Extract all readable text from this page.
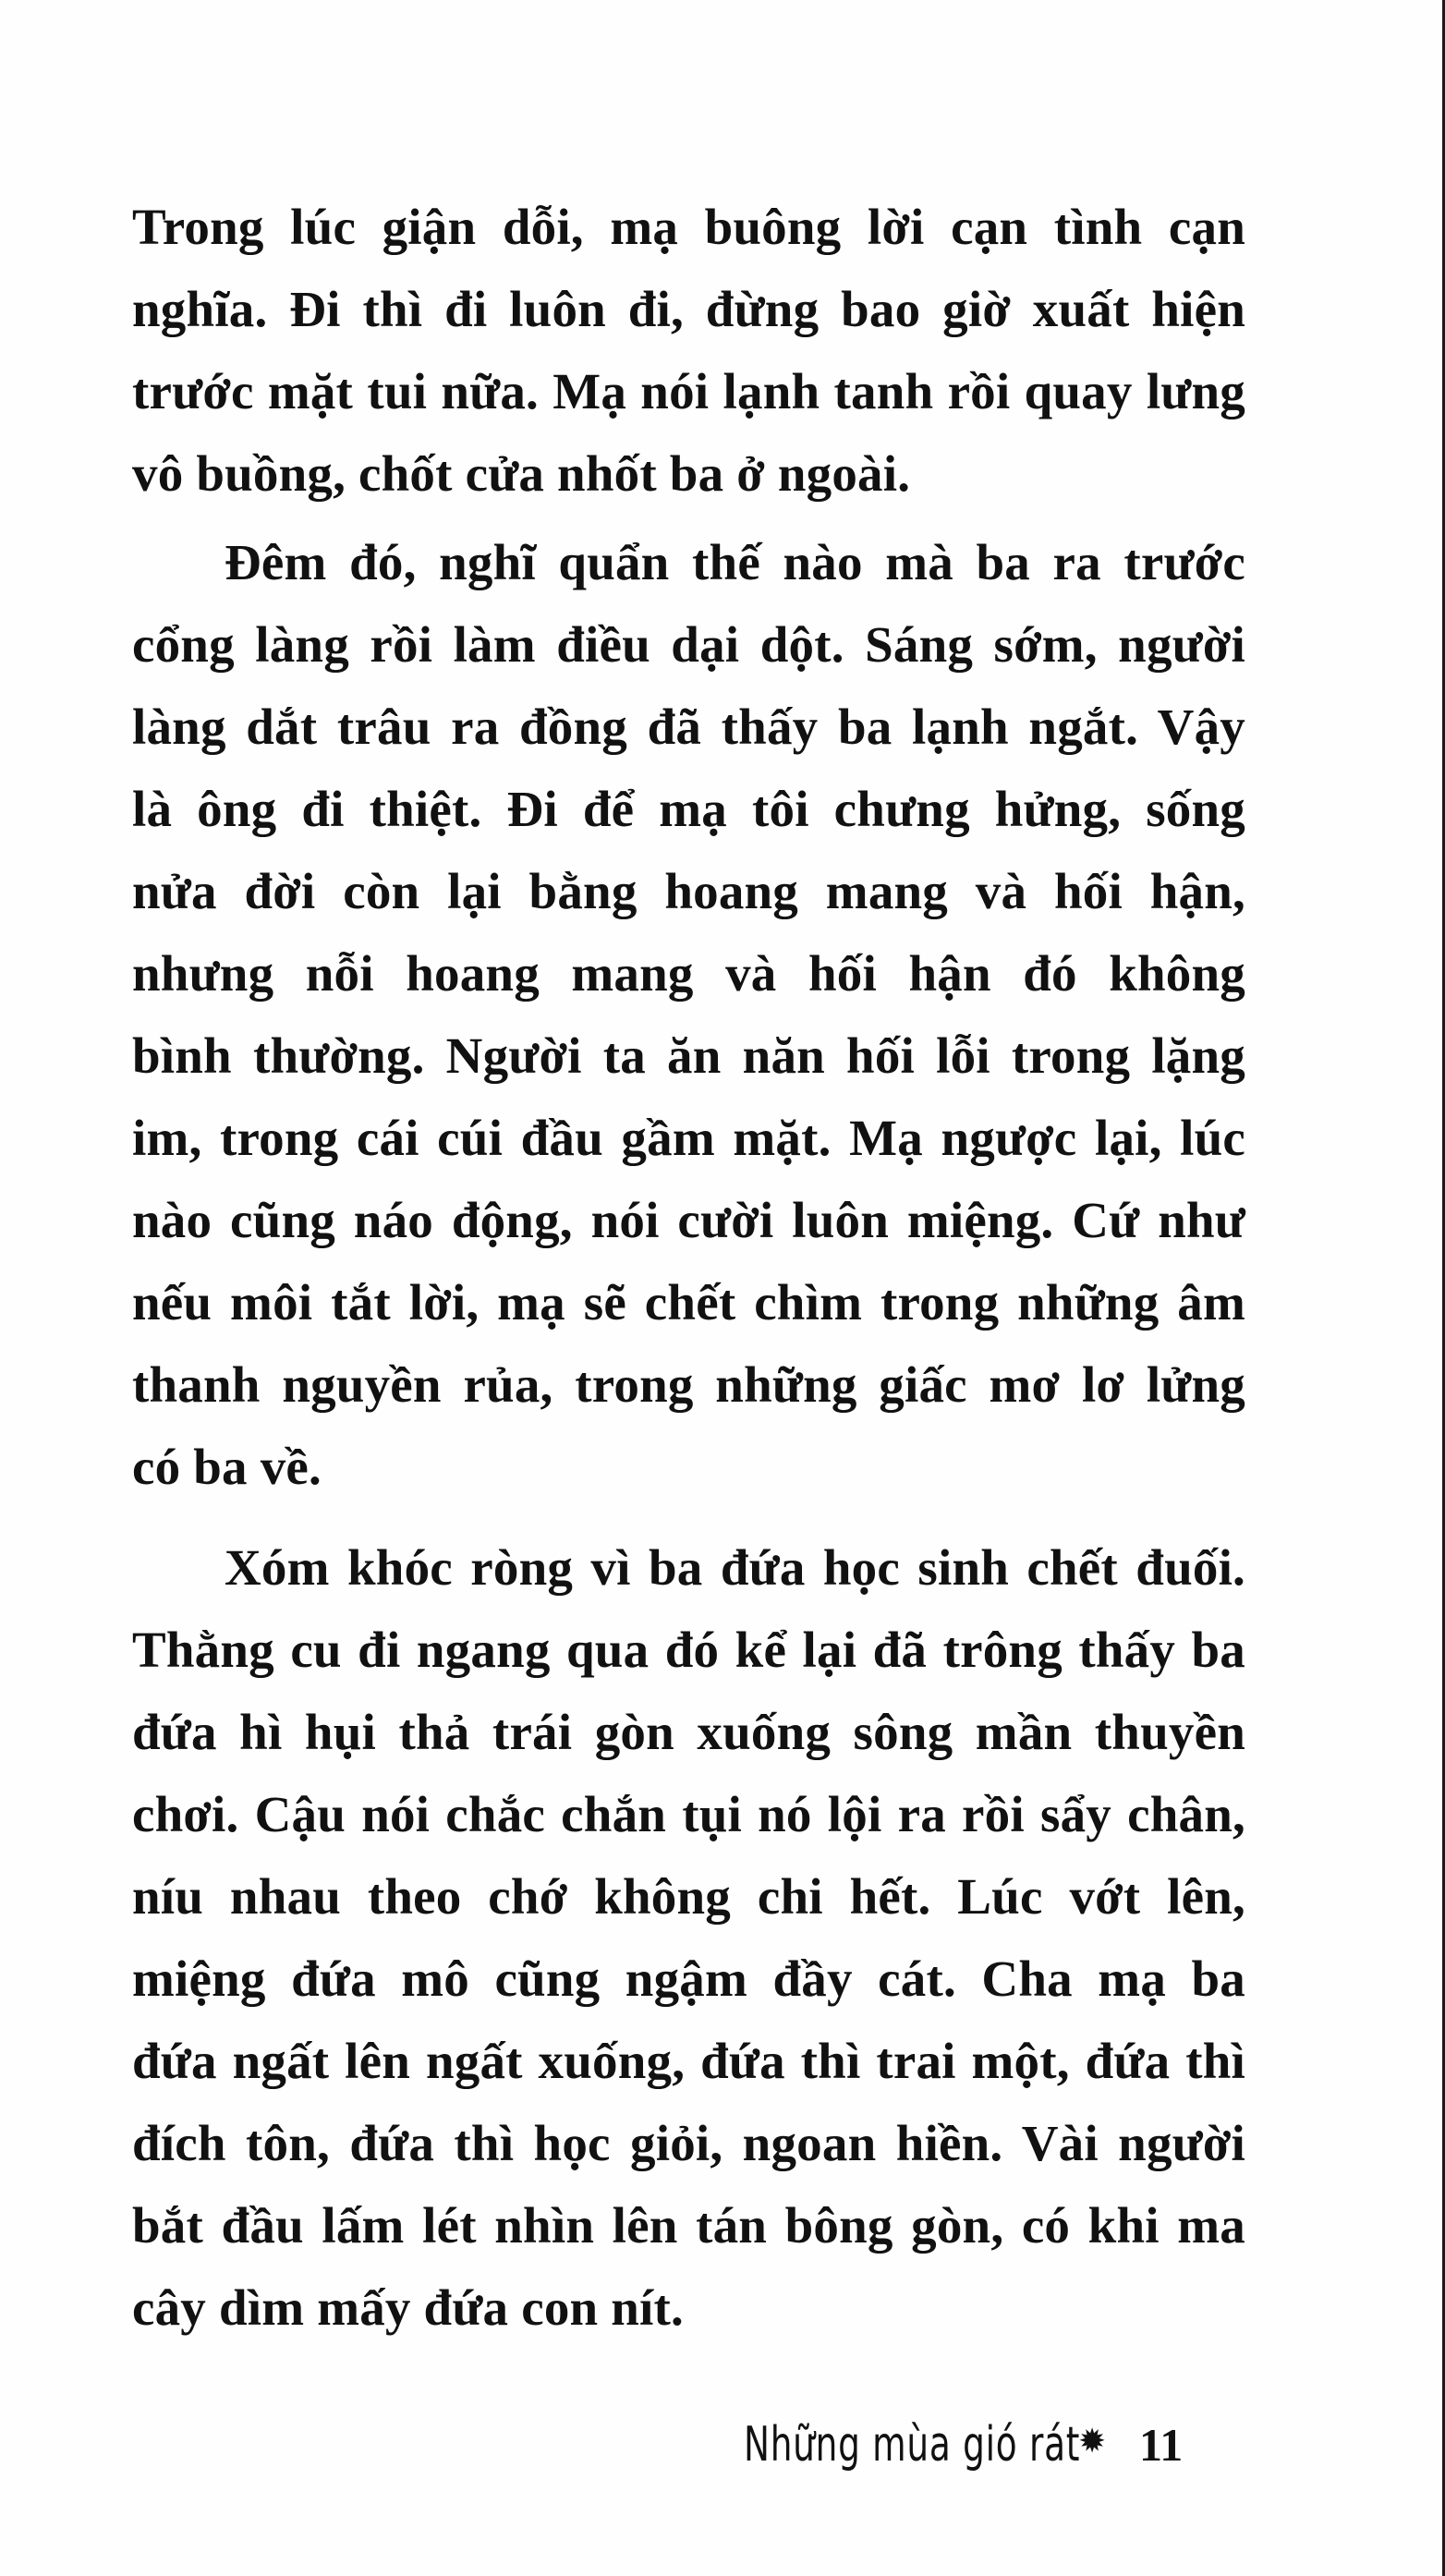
Trong lúc giận dỗi, mạ buông lời cạn tình cạn
nghĩa. Đi thì đi luôn đi, đừng bao giờ xuất hiện
trước mặt tui nữa. Mạ nói lạnh tanh rồi quay lưng
vô buồng, chốt cửa nhốt ba ở ngoài.

Đêm đó, nghĩ quẩn thế nào mà ba ra trước
cổng làng rồi làm điều dại dột. Sáng sớm, người
làng dắt trâu ra đồng đã thấy ba lạnh ngắt. Vậy
là ông đi thiệt. Đi để mạ tôi chưng hửng, sống
nửa đời còn lại bằng hoang mang và hối hận,
nhưng nỗi hoang mang và hối hận đó không
bình thường. Người ta ăn năn hối lỗi trong lặng
im, trong cái cúi đầu gầm mặt. Mạ ngược lại, lúc
nào cũng náo động, nói cười luôn miệng. Cứ như
nếu môi tắt lời, mạ sẽ chết chìm trong những âm
thanh nguyền rủa, trong những giấc mơ lơ lửng
có ba về.

Xóm khóc ròng vì ba đứa học sinh chết đuối.
Thằng cu đi ngang qua đó kể lại đã trông thấy ba
đứa hì hụi thả trái gòn xuống sông mần thuyền
chơi. Cậu nói chắc chắn tụi nó lội ra rồi sẩy chân,
níu nhau theo chớ không chi hết. Lúc vớt lên,
miệng đứa mô cũng ngậm đầy cát. Cha mạ ba
đứa ngất lên ngất xuống, đứa thì trai một, đứa thì
đích tôn, đứa thì học giỏi, ngoan hiền. Vài người
bắt đầu lấm lét nhìn lên tán bông gòn, có khi ma
cây dìm mấy đứa con nít.

Những mùa gió rát
✹ 11
